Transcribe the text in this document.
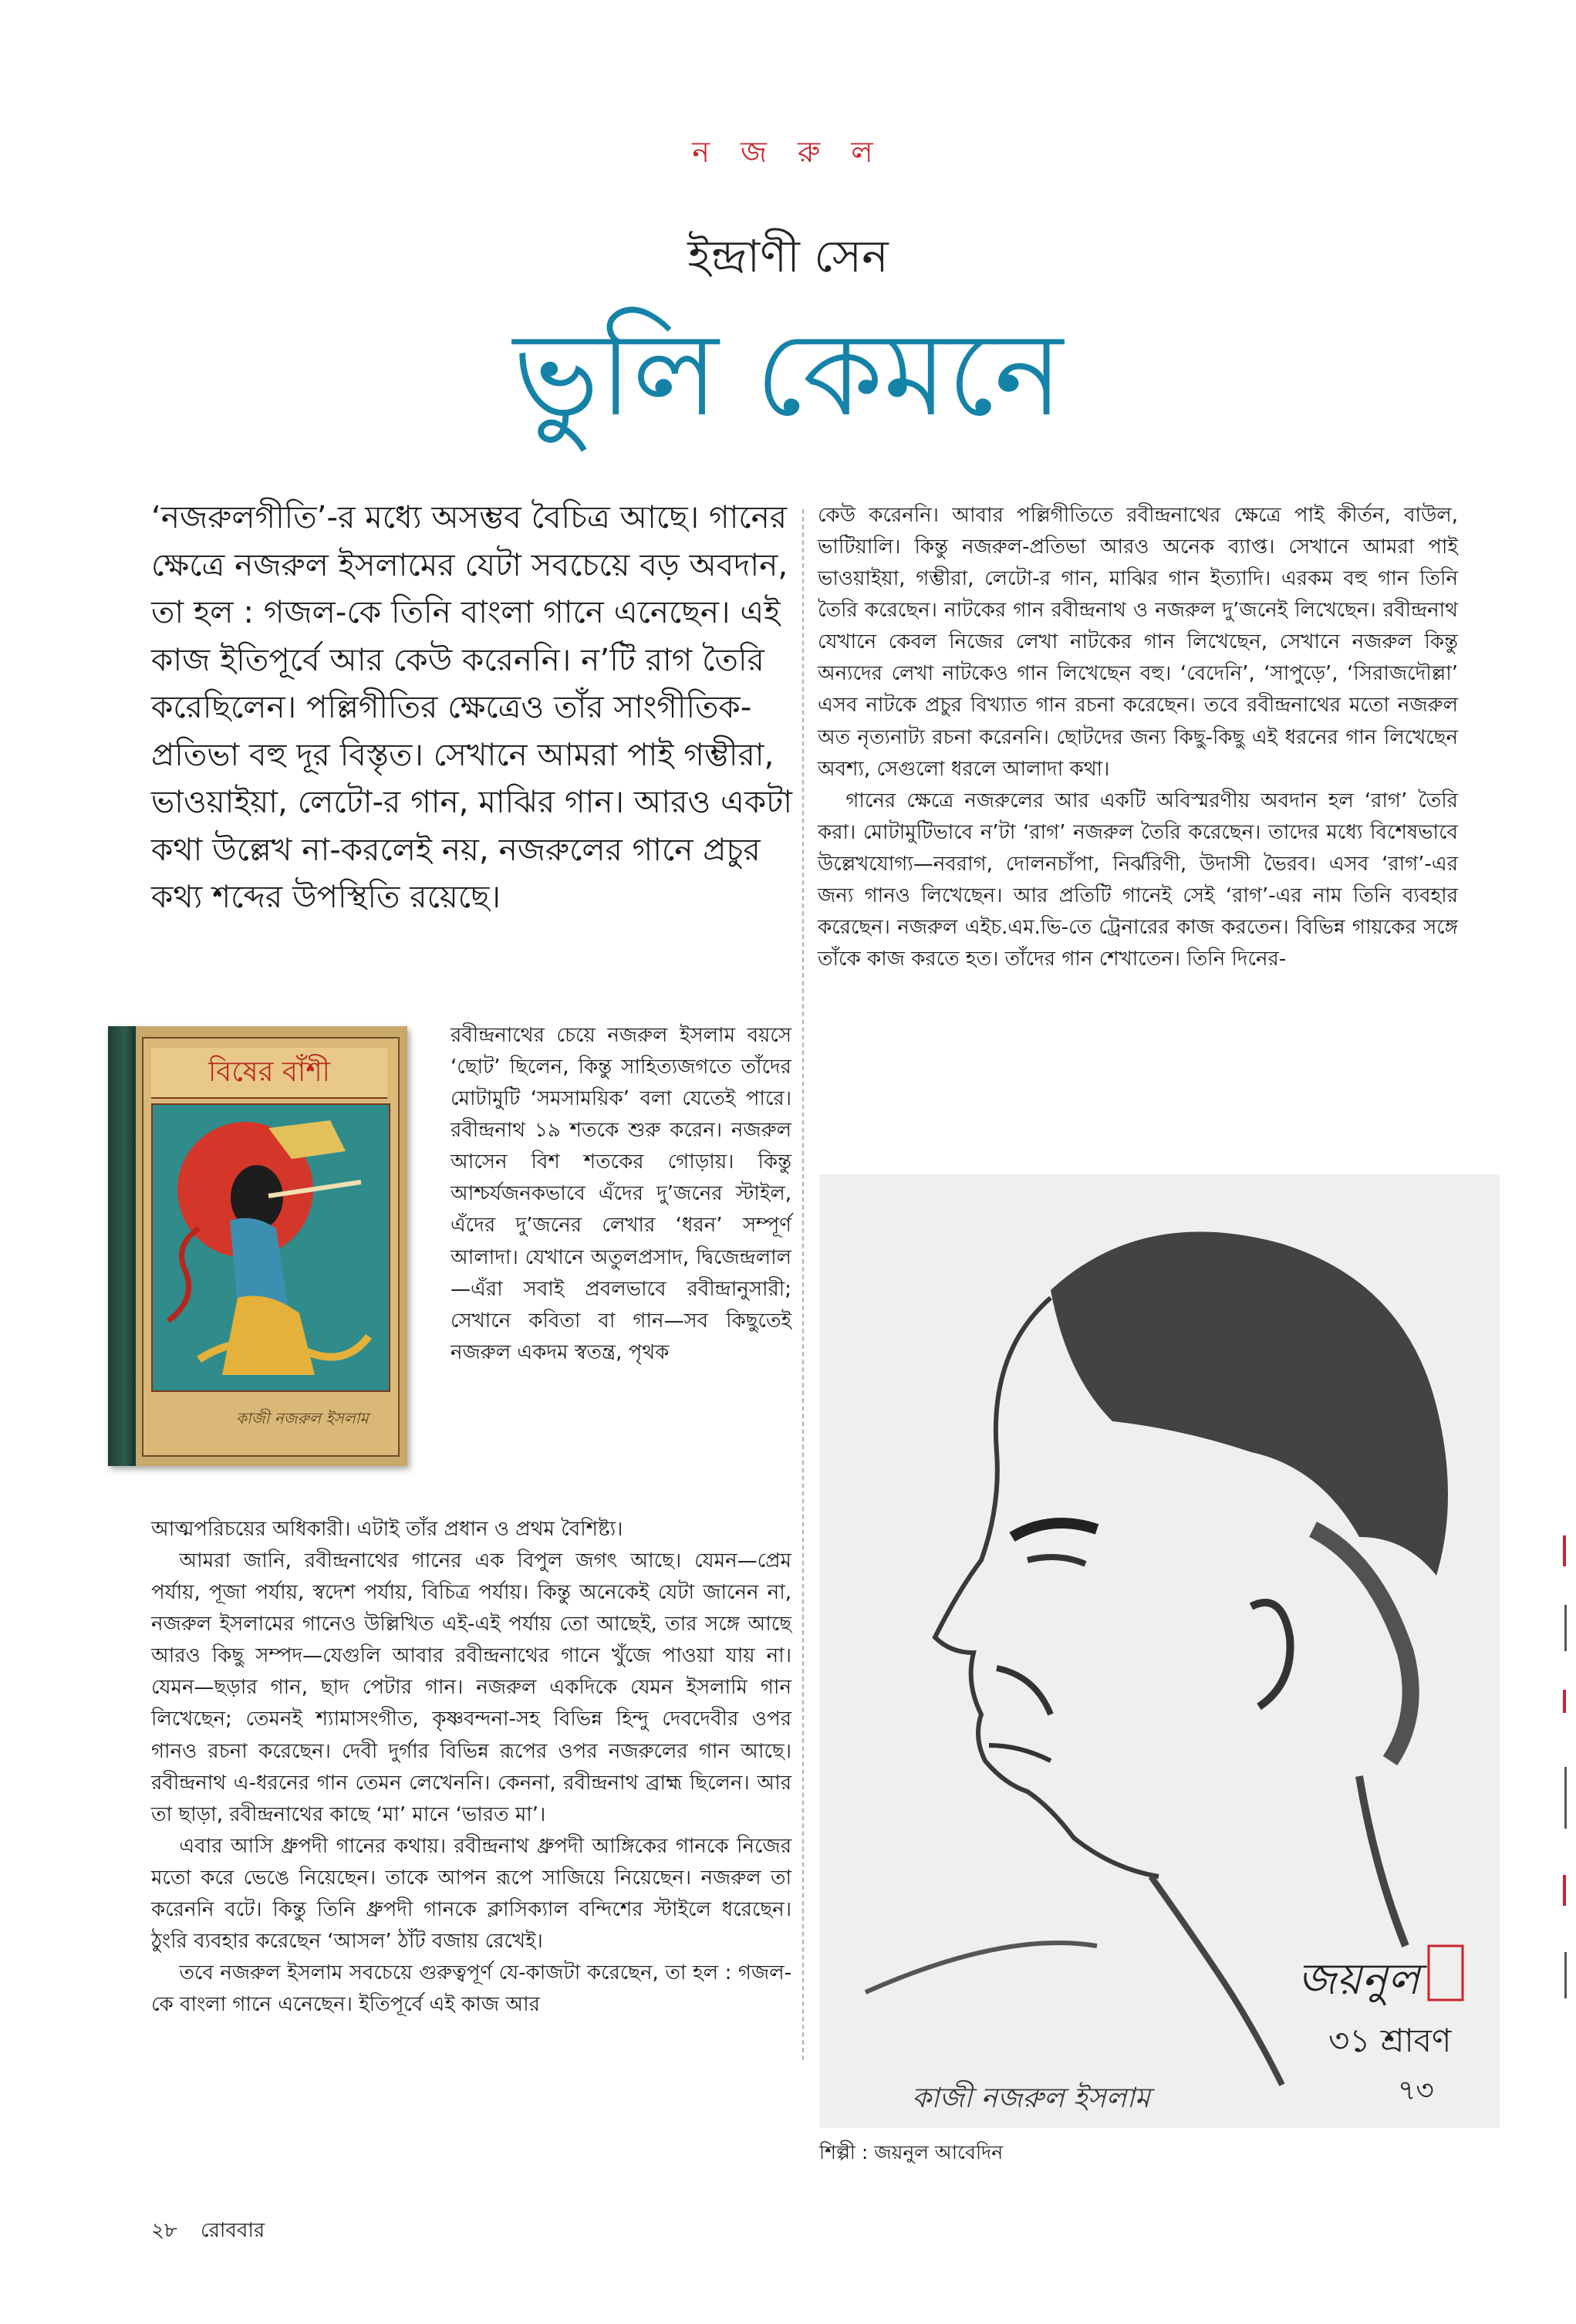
ন জ রু ল
ইন্দ্রাণী সেন
ভুলি কেমনে
‘নজরুলগীতি’-র মধ্যে অসম্ভব বৈচিত্র আছে। গানের ক্ষেত্রে নজরুল ইসলামের যেটা সবচেয়ে বড় অবদান, তা হল : গজল-কে তিনি বাংলা গানে এনেছেন। এই কাজ ইতিপূর্বে আর কেউ করেননি। ন’টি রাগ তৈরি করেছিলেন। পল্লিগীতির ক্ষেত্রেও তাঁর সাংগীতিক-প্রতিভা বহু দূর বিস্তৃত। সেখানে আমরা পাই গম্ভীরা, ভাওয়াইয়া, লেটো-র গান, মাঝির গান। আরও একটা কথা উল্লেখ না-করলেই নয়, নজরুলের গানে প্রচুর কথ্য শব্দের উপস্থিতি রয়েছে।
বিষের বাঁশী
কাজী নজরুল ইসলাম

রবীন্দ্রনাথের চেয়ে নজরুল ইসলাম বয়সে ‘ছোট’ ছিলেন, কিন্তু সাহিত্যজগতে তাঁদের মোটামুটি ‘সমসাময়িক’ বলা যেতেই পারে। রবীন্দ্রনাথ ১৯ শতকে শুরু করেন। নজরুল আসেন বিশ শতকের গোড়ায়। কিন্তু আশ্চর্যজনকভাবে এঁদের দু’জনের স্টাইল, এঁদের দু’জনের লেখার ‘ধরন’ সম্পূর্ণ আলাদা। যেখানে অতুলপ্রসাদ, দ্বিজেন্দ্রলাল—এঁরা সবাই প্রবলভাবে রবীন্দ্রানুসারী; সেখানে কবিতা বা গান—সব কিছুতেই নজরুল একদম স্বতন্ত্র, পৃথক

আত্মপরিচয়ের অধিকারী। এটাই তাঁর প্রধান ও প্রথম বৈশিষ্ট্য।

আমরা জানি, রবীন্দ্রনাথের গানের এক বিপুল জগৎ আছে। যেমন—প্রেম পর্যায়, পূজা পর্যায়, স্বদেশ পর্যায়, বিচিত্র পর্যায়। কিন্তু অনেকেই যেটা জানেন না, নজরুল ইসলামের গানেও উল্লিখিত এই-এই পর্যায় তো আছেই, তার সঙ্গে আছে আরও কিছু সম্পদ—যেগুলি আবার রবীন্দ্রনাথের গানে খুঁজে পাওয়া যায় না। যেমন—ছড়ার গান, ছাদ পেটার গান। নজরুল একদিকে যেমন ইসলামি গান লিখেছেন; তেমনই শ্যামাসংগীত, কৃষ্ণবন্দনা-সহ বিভিন্ন হিন্দু দেবদেবীর ওপর গানও রচনা করেছেন। দেবী দুর্গার বিভিন্ন রূপের ওপর নজরুলের গান আছে। রবীন্দ্রনাথ এ-ধরনের গান তেমন লেখেননি। কেননা, রবীন্দ্রনাথ ব্রাহ্ম ছিলেন। আর তা ছাড়া, রবীন্দ্রনাথের কাছে ‘মা’ মানে ‘ভারত মা’।

এবার আসি ধ্রুপদী গানের কথায়। রবীন্দ্রনাথ ধ্রুপদী আঙ্গিকের গানকে নিজের মতো করে ভেঙে নিয়েছেন। তাকে আপন রূপে সাজিয়ে নিয়েছেন। নজরুল তা করেননি বটে। কিন্তু তিনি ধ্রুপদী গানকে ক্লাসিক্যাল বন্দিশের স্টাইলে ধরেছেন। ঠুংরি ব্যবহার করেছেন ‘আসল’ ঠাঁট বজায় রেখেই।

তবে নজরুল ইসলাম সবচেয়ে গুরুত্বপূর্ণ যে-কাজটা করেছেন, তা হল : গজল-কে বাংলা গানে এনেছেন। ইতিপূর্বে এই কাজ আর

কেউ করেননি। আবার পল্লিগীতিতে রবীন্দ্রনাথের ক্ষেত্রে পাই কীর্তন, বাউল, ভাটিয়ালি। কিন্তু নজরুল-প্রতিভা আরও অনেক ব্যাপ্ত। সেখানে আমরা পাই ভাওয়াইয়া, গম্ভীরা, লেটো-র গান, মাঝির গান ইত্যাদি। এরকম বহু গান তিনি তৈরি করেছেন। নাটকের গান রবীন্দ্রনাথ ও নজরুল দু’জনেই লিখেছেন। রবীন্দ্রনাথ যেখানে কেবল নিজের লেখা নাটকের গান লিখেছেন, সেখানে নজরুল কিন্তু অন্যদের লেখা নাটকেও গান লিখেছেন বহু। ‘বেদেনি’, ‘সাপুড়ে’, ‘সিরাজদৌল্লা’ এসব নাটকে প্রচুর বিখ্যাত গান রচনা করেছেন। তবে রবীন্দ্রনাথের মতো নজরুল অত নৃত্যনাট্য রচনা করেননি। ছোটদের জন্য কিছু-কিছু এই ধরনের গান লিখেছেন অবশ্য, সেগুলো ধরলে আলাদা কথা।

গানের ক্ষেত্রে নজরুলের আর একটি অবিস্মরণীয় অবদান হল ‘রাগ’ তৈরি করা। মোটামুটিভাবে ন’টা ‘রাগ’ নজরুল তৈরি করেছেন। তাদের মধ্যে বিশেষভাবে উল্লেখযোগ্য—নবরাগ, দোলনচাঁপা, নির্ঝরিণী, উদাসী ভৈরব। এসব ‘রাগ’-এর জন্য গানও লিখেছেন। আর প্রতিটি গানেই সেই ‘রাগ’-এর নাম তিনি ব্যবহার করেছেন। নজরুল এইচ.এম.ভি-তে ট্রেনারের কাজ করতেন। বিভিন্ন গায়কের সঙ্গে তাঁকে কাজ করতে হত। তাঁদের গান শেখাতেন। তিনি দিনের-

জয়নুল
৩১ শ্রাবণ
৭৩
কাজী নজরুল ইসলাম
শিল্পী : জয়নুল আবেদিন
২৮ রোববার
